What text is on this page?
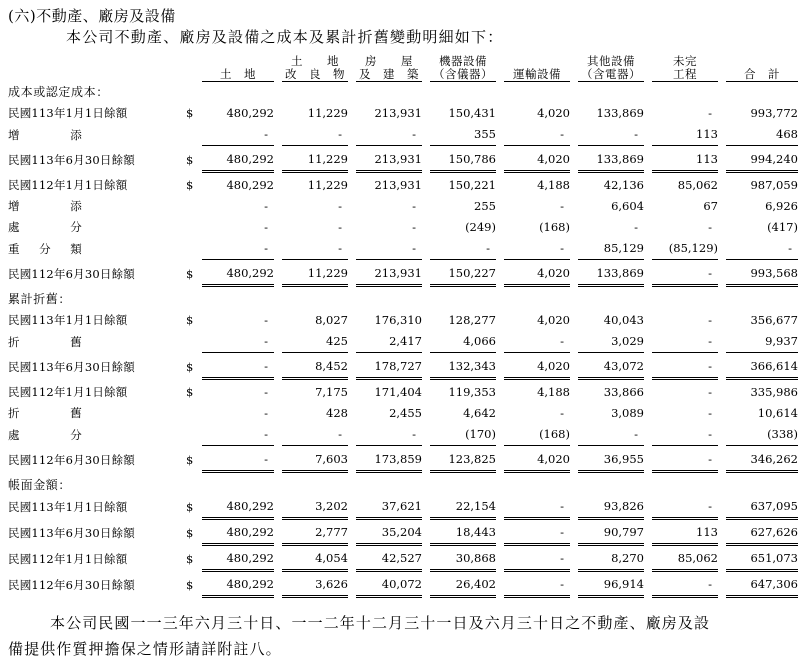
(六)不動產、廠房及設備
本公司不動產、廠房及設備之成本及累計折舊變動明細如下：
				土　　地		房　　屋		機器設備				其他設備		未完		
		土　地		改　良　物		及　建　築		（含儀器）		運輸設備		（含電器）		工程		合　計
成本或認定成本：																
民國113年1月1日餘額	$	480,292		11,229		213,931		150,431		4,020		133,869		-		993,772
增添		-		-		-		355		-		-		113		468

民國113年6月30日餘額	$	480,292		11,229		213,931		150,786		4,020		133,869		113		994,240

民國112年1月1日餘額	$	480,292		11,229		213,931		150,221		4,188		42,136		85,062		987,059
增添		-		-		-		255		-		6,604		67		6,926
處分		-		-		-		(249)		(168)		-		-		(417)
重 分 類		-		-		-		-		-		85,129		(85,129)		-

民國112年6月30日餘額	$	480,292		11,229		213,931		150,227		4,020		133,869		-		993,568

累計折舊：																
民國113年1月1日餘額	$	-		8,027		176,310		128,277		4,020		40,043		-		356,677
折舊		-		425		2,417		4,066		-		3,029		-		9,937

民國113年6月30日餘額	$	-		8,452		178,727		132,343		4,020		43,072		-		366,614

民國112年1月1日餘額	$	-		7,175		171,404		119,353		4,188		33,866		-		335,986
折舊		-		428		2,455		4,642		-		3,089		-		10,614
處分		-		-		-		(170)		(168)		-		-		(338)

民國112年6月30日餘額	$	-		7,603		173,859		123,825		4,020		36,955		-		346,262

帳面金額：																
民國113年1月1日餘額	$	480,292		3,202		37,621		22,154		-		93,826		-		637,095

民國113年6月30日餘額	$	480,292		2,777		35,204		18,443		-		90,797		113		627,626

民國112年1月1日餘額	$	480,292		4,054		42,527		30,868		-		8,270		85,062		651,073

民國112年6月30日餘額	$	480,292		3,626		40,072		26,402		-		96,914		-		647,306

本公司民國一一三年六月三十日、一一二年十二月三十一日及六月三十日之不動產、廠房及設備提供作質押擔保之情形請詳附註八。
